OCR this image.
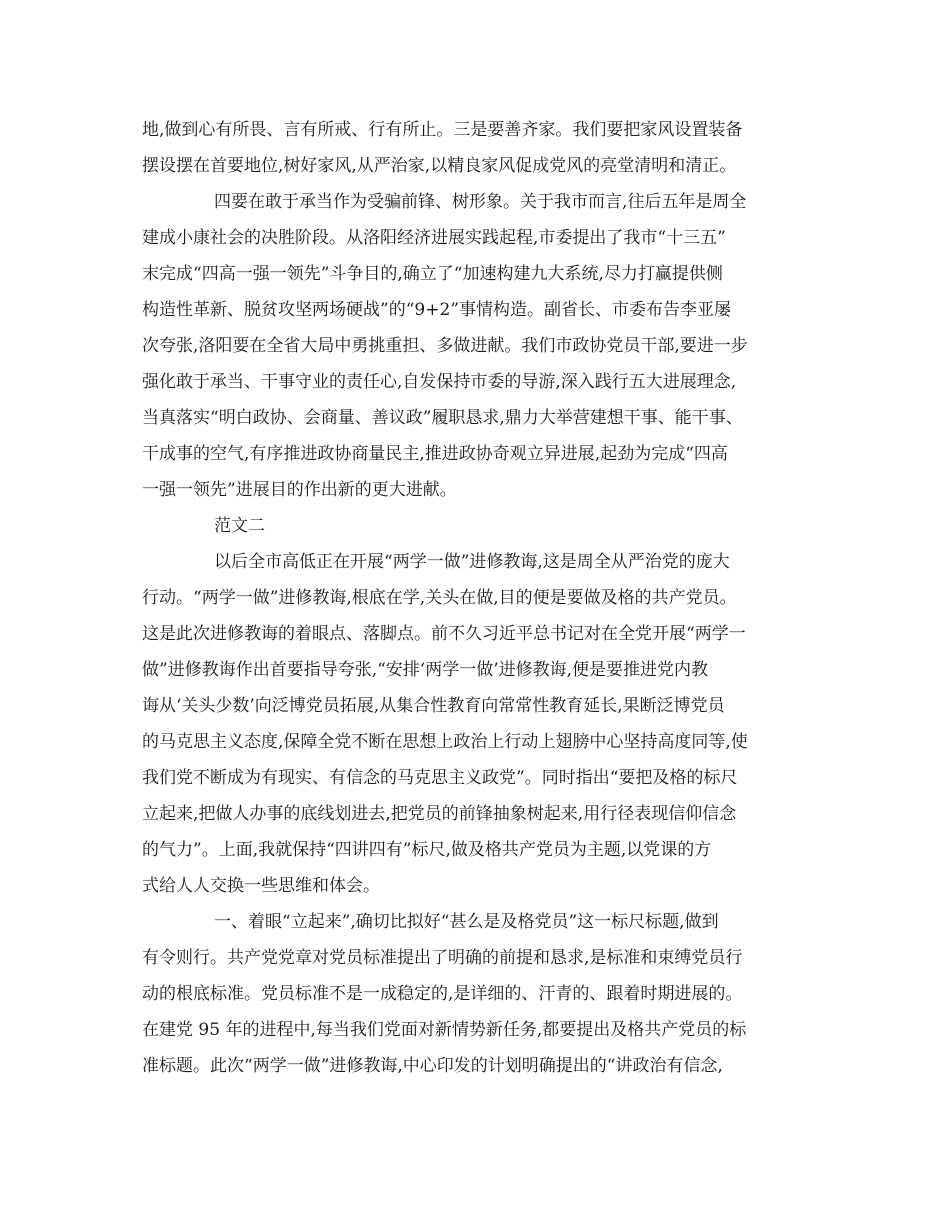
地,做到心有所畏、言有所戒、行有所止。三是要善齐家。我们要把家风设置装备

摆设摆在首要地位,树好家风,从严治家,以精良家风促成党风的亮堂清明和清正。

四要在敢于承当作为受骗前锋、树形象。关于我市而言,往后五年是周全

建成小康社会的决胜阶段。从洛阳经济进展实践起程,市委提出了我市“十三五”

末完成“四高一强一领先”斗争目的,确立了“加速构建九大系统,尽力打赢提供侧

构造性革新、脱贫攻坚两场硬战”的“9+2”事情构造。副省长、市委布告李亚屡

次夸张,洛阳要在全省大局中勇挑重担、多做进献。我们市政协党员干部,要进一步

强化敢于承当、干事守业的责任心,自发保持市委的导游,深入践行五大进展理念,

当真落实“明白政协、会商量、善议政”履职恳求,鼎力大举营建想干事、能干事、

干成事的空气,有序推进政协商量民主,推进政协奇观立异进展,起劲为完成“四高

一强一领先”进展目的作出新的更大进献。

范文二

以后全市高低正在开展“两学一做”进修教诲,这是周全从严治党的庞大

行动。“两学一做”进修教诲,根底在学,关头在做,目的便是要做及格的共产党员。

这是此次进修教诲的着眼点、落脚点。前不久习近平总书记对在全党开展“两学一

做”进修教诲作出首要指导夸张,“安排‘两学一做’进修教诲,便是要推进党内教

诲从‘关头少数’向泛博党员拓展,从集合性教育向常常性教育延长,果断泛博党员

的马克思主义态度,保障全党不断在思想上政治上行动上翅膀中心坚持高度同等,使

我们党不断成为有现实、有信念的马克思主义政党”。同时指出“要把及格的标尺

立起来,把做人办事的底线划进去,把党员的前锋抽象树起来,用行径表现信仰信念

的气力”。上面,我就保持“四讲四有”标尺,做及格共产党员为主题,以党课的方

式给人人交换一些思维和体会。

一、着眼“立起来”,确切比拟好“甚么是及格党员”这一标尺标题,做到

有令则行。共产党党章对党员标准提出了明确的前提和恳求,是标准和束缚党员行

动的根底标准。党员标准不是一成稳定的,是详细的、汗青的、跟着时期进展的。

在建党 95 年的进程中,每当我们党面对新情势新任务,都要提出及格共产党员的标

准标题。此次“两学一做”进修教诲,中心印发的计划明确提出的“讲政治有信念,
